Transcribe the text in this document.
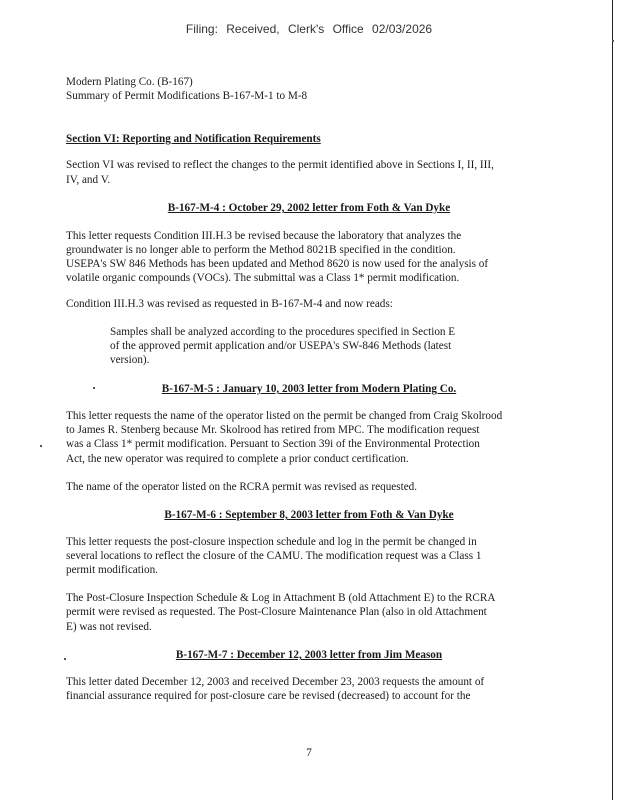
Filing: Received, Clerk's Office 02/03/2026
Modern Plating Co. (B-167)
Summary of Permit Modifications B-167-M-1 to M-8
Section VI: Reporting and Notification Requirements
Section VI was revised to reflect the changes to the permit identified above in Sections I, II, III,
IV, and V.
B-167-M-4 : October 29, 2002 letter from Foth & Van Dyke
This letter requests Condition III.H.3 be revised because the laboratory that analyzes the
groundwater is no longer able to perform the Method 8021B specified in the condition.
USEPA's SW 846 Methods has been updated and Method 8620 is now used for the analysis of
volatile organic compounds (VOCs). The submittal was a Class 1* permit modification.
Condition III.H.3 was revised as requested in B-167-M-4 and now reads:
Samples shall be analyzed according to the procedures specified in Section E
of the approved permit application and/or USEPA's SW-846 Methods (latest
version).
B-167-M-5 : January 10, 2003 letter from Modern Plating Co.
This letter requests the name of the operator listed on the permit be changed from Craig Skolrood
to James R. Stenberg because Mr. Skolrood has retired from MPC. The modification request
was a Class 1* permit modification. Persuant to Section 39i of the Environmental Protection
Act, the new operator was required to complete a prior conduct certification.
The name of the operator listed on the RCRA permit was revised as requested.
B-167-M-6 : September 8, 2003 letter from Foth & Van Dyke
This letter requests the post-closure inspection schedule and log in the permit be changed in
several locations to reflect the closure of the CAMU. The modification request was a Class 1
permit modification.
The Post-Closure Inspection Schedule & Log in Attachment B (old Attachment E) to the RCRA
permit were revised as requested. The Post-Closure Maintenance Plan (also in old Attachment
E) was not revised.
B-167-M-7 : December 12, 2003 letter from Jim Meason
This letter dated December 12, 2003 and received December 23, 2003 requests the amount of
financial assurance required for post-closure care be revised (decreased) to account for the
7
